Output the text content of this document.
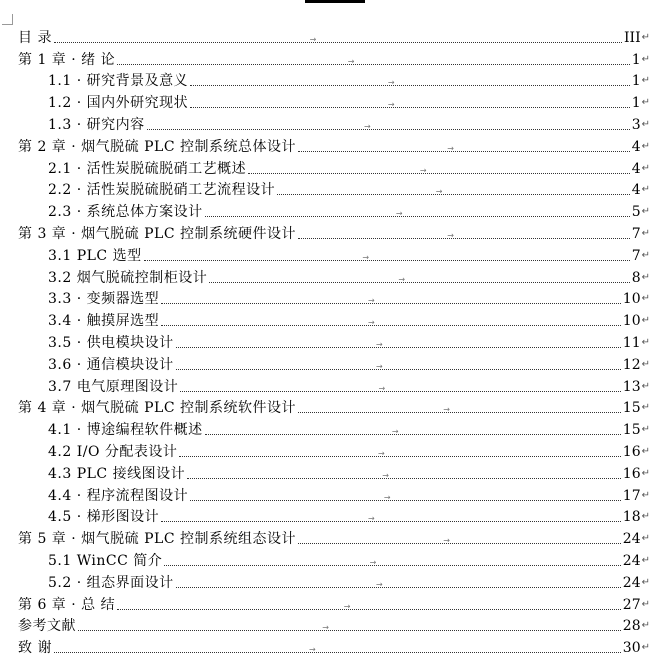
目 录	→	III ↵
第 1 章 · 绪 论	→	1 ↵
1.1 · 研究背景及意义	→	1 ↵
1.2 · 国内外研究现状	→	1 ↵
1.3 · 研究内容	→	3 ↵
第 2 章 · 烟气脱硫 PLC 控制系统总体设计	→	4 ↵
2.1 · 活性炭脱硫脱硝工艺概述	→	4 ↵
2.2 · 活性炭脱硫脱硝工艺流程设计	→	4 ↵
2.3 · 系统总体方案设计	→	5 ↵
第 3 章 · 烟气脱硫 PLC 控制系统硬件设计	→	7 ↵
3.1 PLC 选型	→	7 ↵
3.2 烟气脱硫控制柜设计	→	8 ↵
3.3 · 变频器选型	→	10 ↵
3.4 · 触摸屏选型	→	10 ↵
3.5 · 供电模块设计	→	11 ↵
3.6 · 通信模块设计	→	12 ↵
3.7 电气原理图设计	→	13 ↵
第 4 章 · 烟气脱硫 PLC 控制系统软件设计	→	15 ↵
4.1 · 博途编程软件概述	→	15 ↵
4.2 I/O 分配表设计	→	16 ↵
4.3 PLC 接线图设计	→	16 ↵
4.4 · 程序流程图设计	→	17 ↵
4.5 · 梯形图设计	→	18 ↵
第 5 章 · 烟气脱硫 PLC 控制系统组态设计	→	24 ↵
5.1 WinCC 简介	→	24 ↵
5.2 · 组态界面设计	→	24 ↵
第 6 章 · 总 结	→	27 ↵
参考文献	→	28 ↵
致 谢	→	30 ↵
